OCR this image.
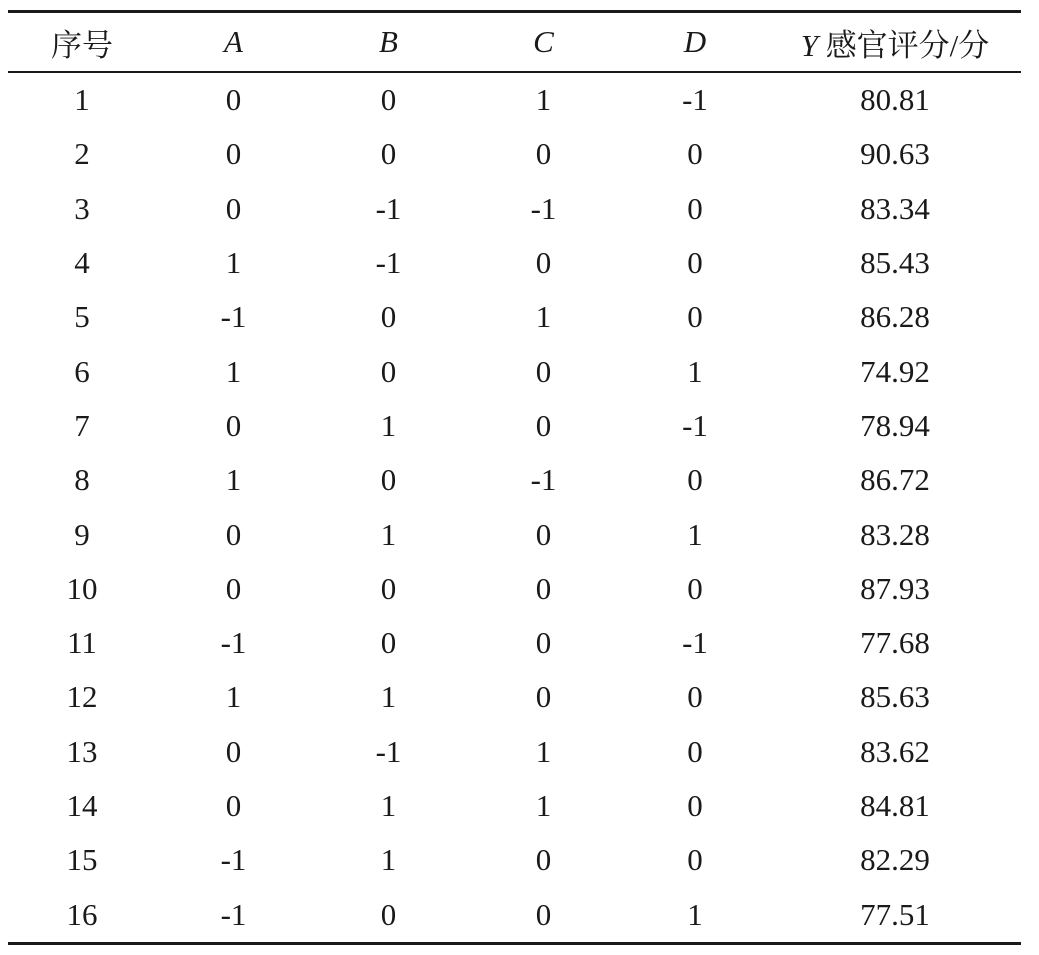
序号	A	B	C	D	Y 感官评分/分
1	0	0	1	-1	80.81
2	0	0	0	0	90.63
3	0	-1	-1	0	83.34
4	1	-1	0	0	85.43
5	-1	0	1	0	86.28
6	1	0	0	1	74.92
7	0	1	0	-1	78.94
8	1	0	-1	0	86.72
9	0	1	0	1	83.28
10	0	0	0	0	87.93
11	-1	0	0	-1	77.68
12	1	1	0	0	85.63
13	0	-1	1	0	83.62
14	0	1	1	0	84.81
15	-1	1	0	0	82.29
16	-1	0	0	1	77.51
